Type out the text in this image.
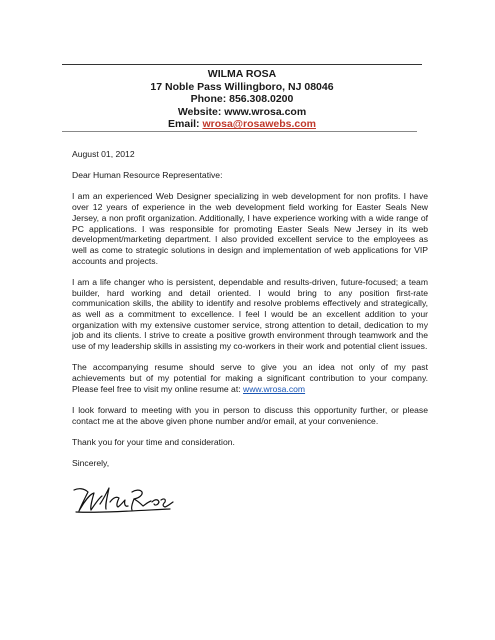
WILMA ROSA
17 Noble Pass Willingboro, NJ 08046
Phone: 856.308.0200
Website: www.wrosa.com
Email: wrosa@rosawebs.com

August 01, 2012

Dear Human Resource Representative:

I am an experienced Web Designer specializing in web development for non profits. I have over 12 years of experience in the web development field working for Easter Seals New Jersey, a non profit organization. Additionally, I have experience working with a wide range of PC applications. I was responsible for promoting Easter Seals New Jersey in its web development/marketing department. I also provided excellent service to the employees as well as come to strategic solutions in design and implementation of web applications for VIP accounts and projects.

I am a life changer who is persistent, dependable and results-driven, future-focused; a team builder, hard working and detail oriented. I would bring to any position first-rate communication skills, the ability to identify and resolve problems effectively and strategically, as well as a commitment to excellence. I feel I would be an excellent addition to your organization with my extensive customer service, strong attention to detail, dedication to my job and its clients. I strive to create a positive growth environment through teamwork and the use of my leadership skills in assisting my co-workers in their work and potential client issues.

The accompanying resume should serve to give you an idea not only of my past achievements but of my potential for making a significant contribution to your company. Please feel free to visit my online resume at: www.wrosa.com

I look forward to meeting with you in person to discuss this opportunity further, or please contact me at the above given phone number and/or email, at your convenience.

Thank you for your time and consideration.

Sincerely,
